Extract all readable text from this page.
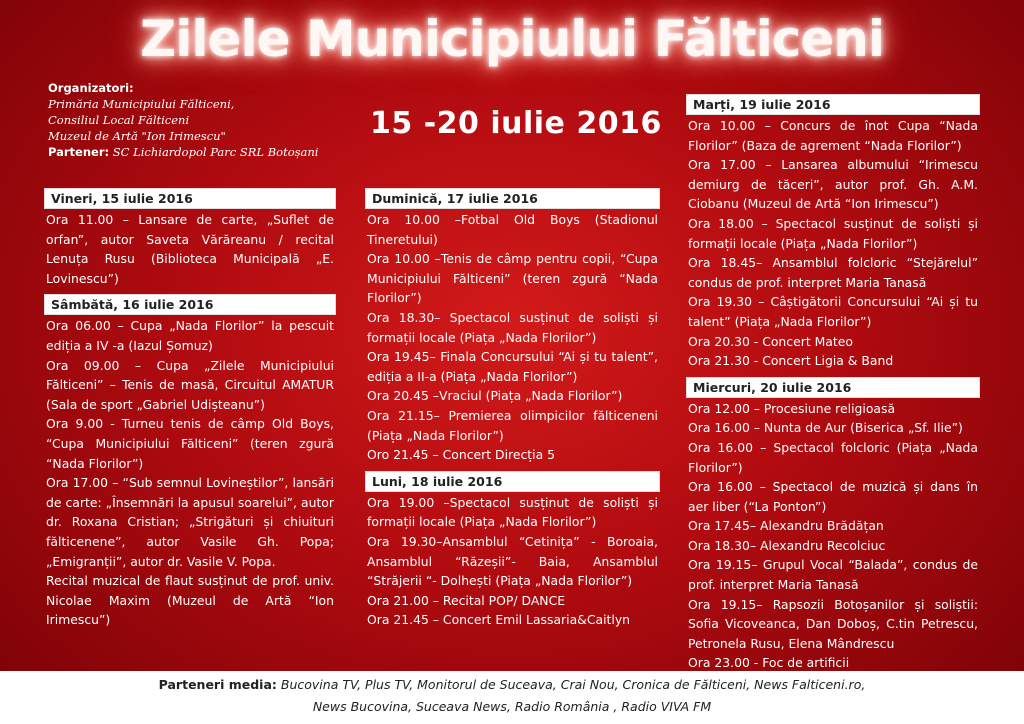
Zilele Municipiului Fălticeni
Organizatori:
Primăria Municipiului Fălticeni,
Consiliul Local Fălticeni
Muzeul de Artă "Ion Irimescu"
Partener: SC Lichiardopol Parc SRL Botoșani
15 -20 iulie 2016
Vineri, 15 iulie 2016

Ora 11.00 – Lansare de carte, „Suflet de orfan”, autor Saveta Vărăreanu / recital Lenuța Rusu (Biblioteca Municipală „E. Lovinescu”)

Sâmbătă, 16 iulie 2016

Ora 06.00 – Cupa „Nada Florilor” la pescuit ediția a IV -a (Iazul Șomuz)

Ora 09.00 – Cupa „Zilele Municipiului Fălticeni” – Tenis de masă, Circuitul AMATUR (Sala de sport „Gabriel Udișteanu”)

Ora 9.00 - Turneu tenis de câmp Old Boys, “Cupa Municipiului Fălticeni” (teren zgură “Nada Florilor”)

Ora 17.00 – “Sub semnul Lovineștilor”, lansări de carte: „Însemnări la apusul soarelui”, autor dr. Roxana Cristian; „Strigături și chiuituri fălticenene”, autor Vasile Gh. Popa; „Emigranții”, autor dr. Vasile V. Popa.

Recital muzical de flaut susținut de prof. univ. Nicolae Maxim (Muzeul de Artă “Ion Irimescu”)

Duminică, 17 iulie 2016

Ora 10.00 –Fotbal Old Boys (Stadionul Tineretului)

Ora 10.00 –Tenis de câmp pentru copii, “Cupa Municipiului Fălticeni” (teren zgură “Nada Florilor”)

Ora 18.30– Spectacol susținut de soliști și formații locale (Piața „Nada Florilor”)

Ora 19.45– Finala Concursului “Ai și tu talent”, ediția a II-a (Piața „Nada Florilor”)

Ora 20.45 –Vraciul (Piața „Nada Florilor”)

Ora 21.15– Premierea olimpicilor fălticeneni (Piața „Nada Florilor”)

Oro 21.45 – Concert Direcția 5

Luni, 18 iulie 2016

Ora 19.00 –Spectacol susținut de soliști și formații locale (Piața „Nada Florilor”)

Ora 19.30–Ansamblul “Cetinița” - Boroaia, Ansamblul “Răzeșii”- Baia, Ansamblul “Străjerii “- Dolhești (Piața „Nada Florilor”)

Ora 21.00 – Recital POP/ DANCE

Ora 21.45 – Concert Emil Lassaria&Caitlyn

Marți, 19 iulie 2016

Ora 10.00 – Concurs de înot Cupa “Nada Florilor” (Baza de agrement “Nada Florilor”)

Ora 17.00 – Lansarea albumului “Irimescu demiurg de tăceri”, autor prof. Gh. A.M. Ciobanu (Muzeul de Artă “Ion Irimescu”)

Ora 18.00 – Spectacol susținut de soliști și formații locale (Piața „Nada Florilor”)

Ora 18.45– Ansamblul folcloric “Stejărelul” condus de prof. interpret Maria Tanasă

Ora 19.30 – Câștigătorii Concursului “Ai și tu talent” (Piața „Nada Florilor”)

Ora 20.30 - Concert Mateo

Ora 21.30 - Concert Ligia & Band

Miercuri, 20 iulie 2016

Ora 12.00 – Procesiune religioasă

Ora 16.00 – Nunta de Aur (Biserica „Sf. Ilie”)

Ora 16.00 – Spectacol folcloric (Piața „Nada Florilor”)

Ora 16.00 – Spectacol de muzică și dans în aer liber (“La Ponton”)

Ora 17.45– Alexandru Brădățan

Ora 18.30– Alexandru Recolciuc

Ora 19.15– Grupul Vocal “Balada”, condus de prof. interpret Maria Tanasă

Ora 19.15– Rapsozii Botoșanilor și soliștii: Sofia Vicoveanca, Dan Doboș, C.tin Petrescu, Petronela Rusu, Elena Mândrescu

Ora 23.00 - Foc de artificii

Parteneri media: Bucovina TV, Plus TV, Monitorul de Suceava, Crai Nou, Cronica de Fălticeni, News Falticeni.ro,
News Bucovina, Suceava News, Radio România , Radio VIVA FM
